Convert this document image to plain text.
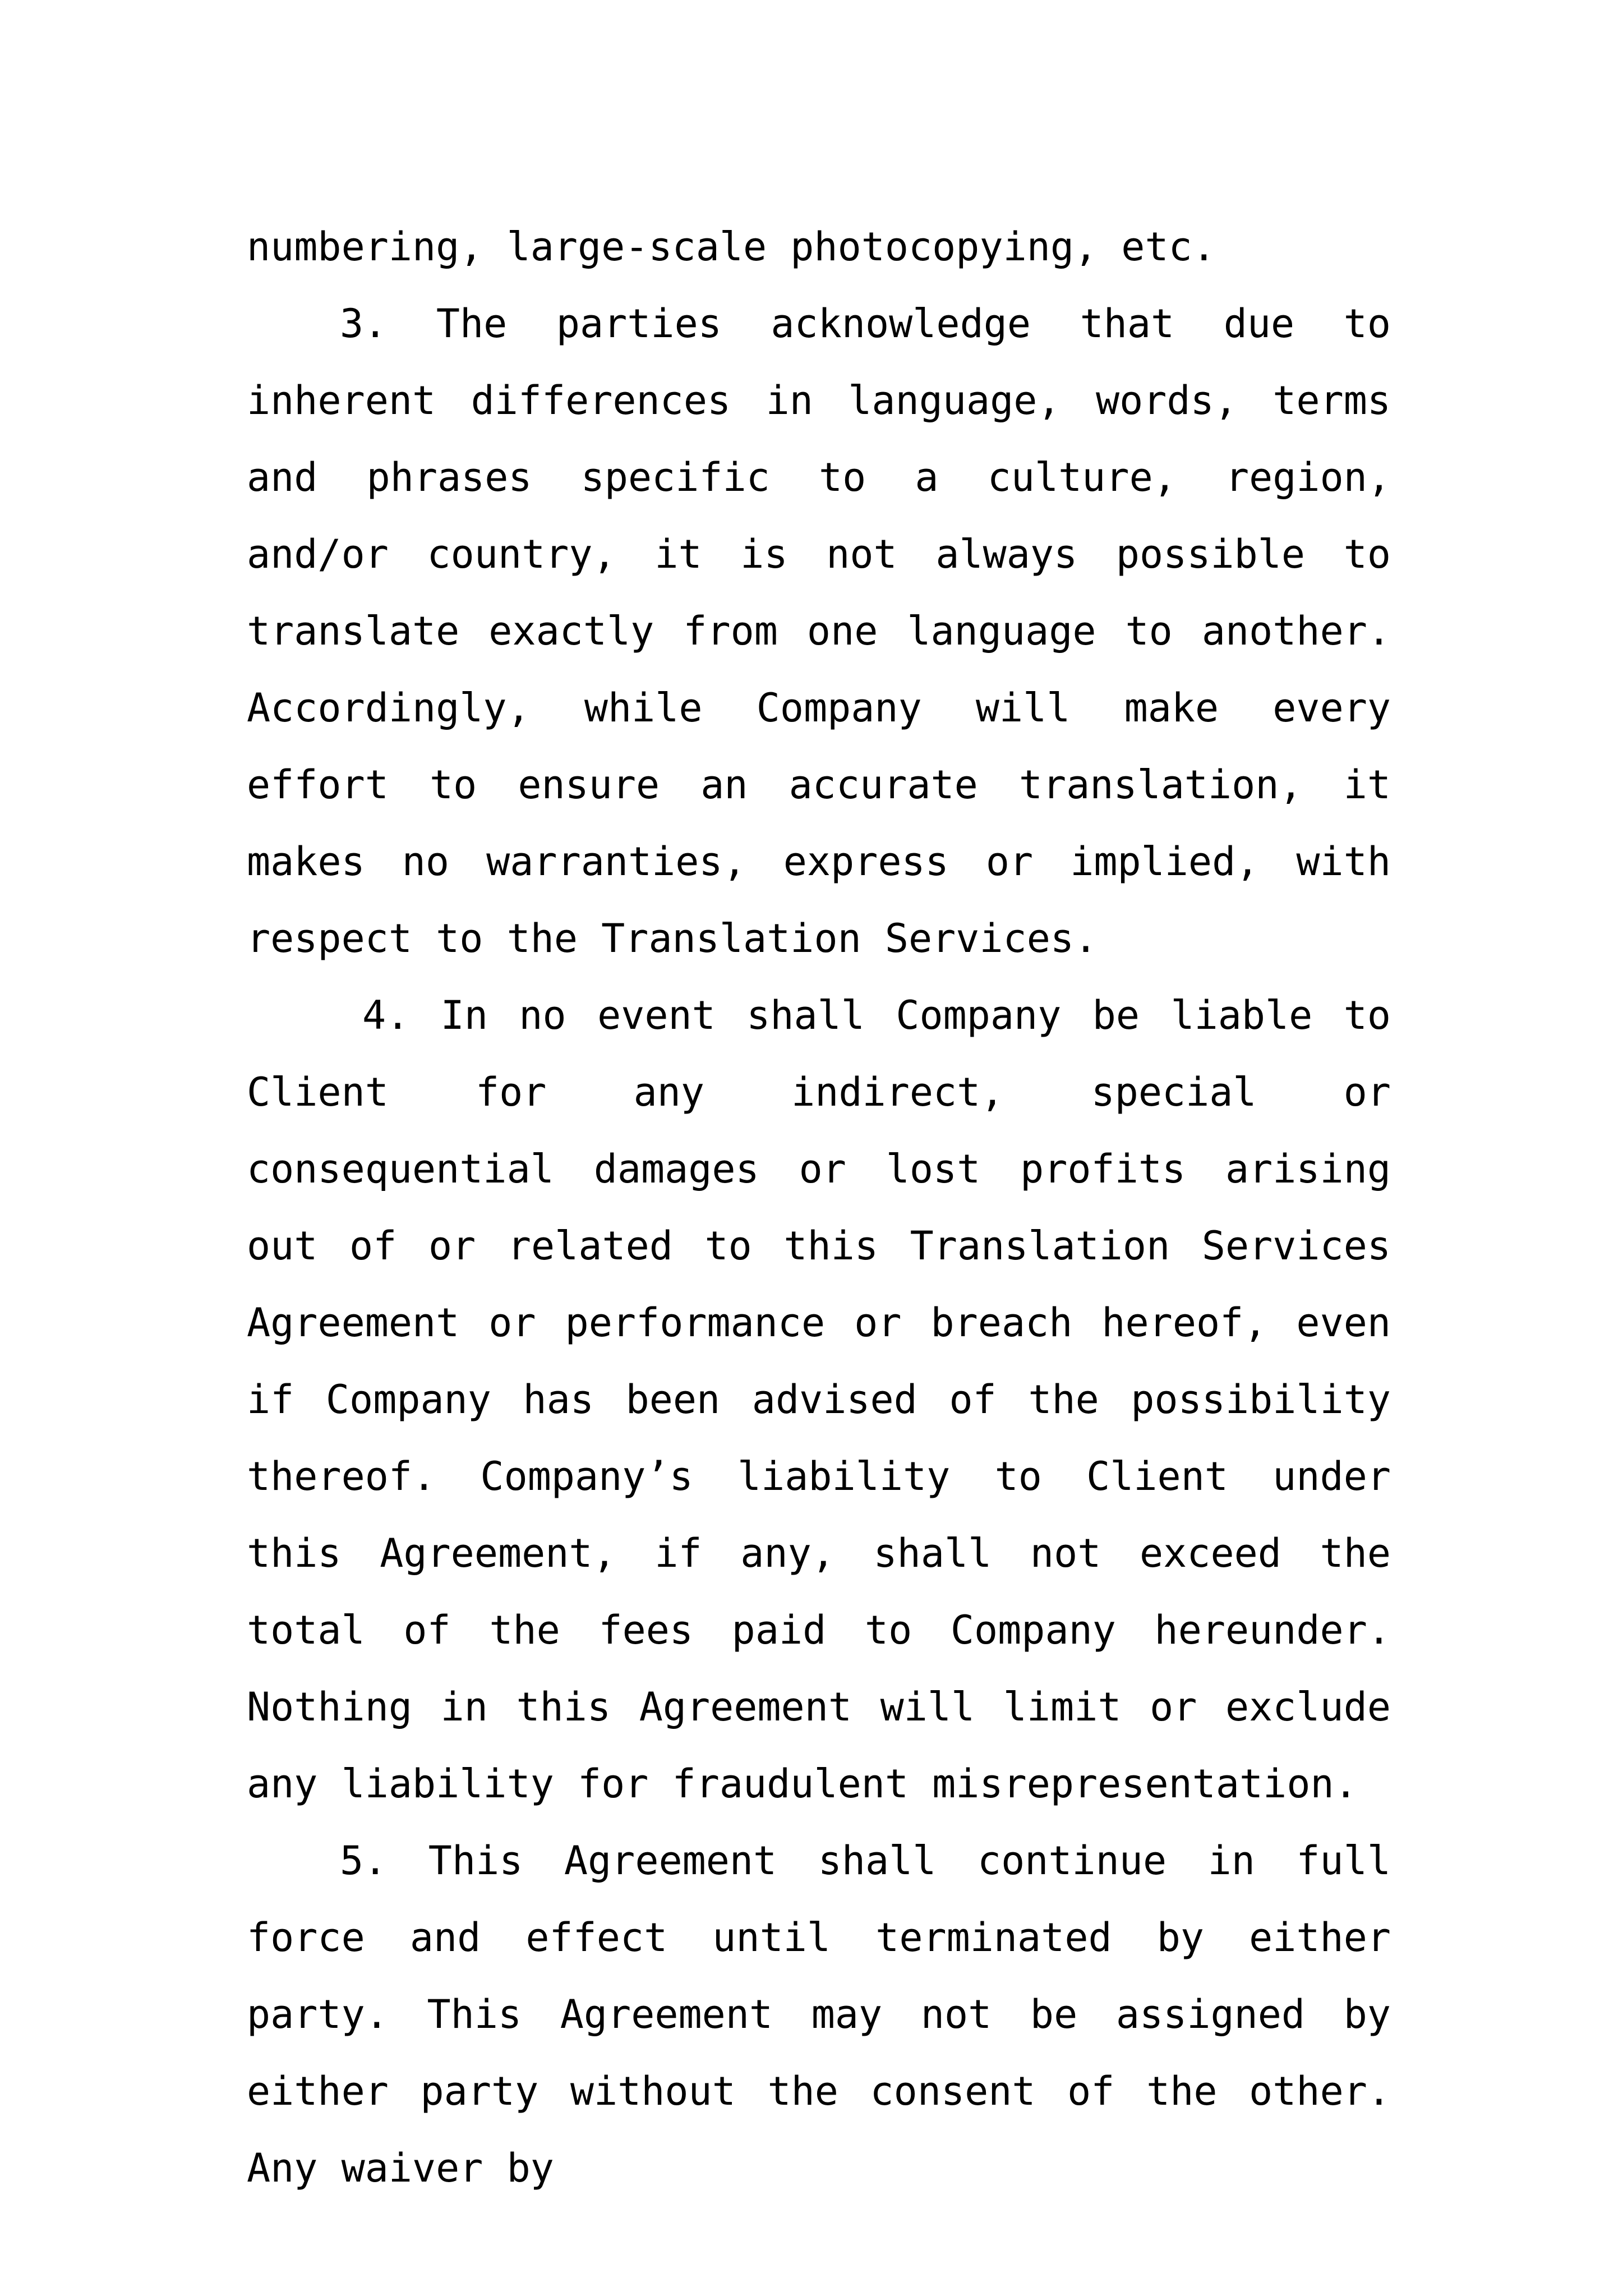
numbering, large-scale photocopying, etc.

3. The parties acknowledge that due to inherent differences in language, words, terms and phrases specific to a culture, region, and/or country, it is not always possible to translate exactly from one language to another. Accordingly, while Company will make every effort to ensure an accurate translation, it makes no warranties, express or implied, with respect to the Translation Services.

4. In no event shall Company be liable to Client for any indirect, special or consequential damages or lost profits arising out of or related to this Translation Services Agreement or performance or breach hereof, even if Company has been advised of the possibility thereof. Company’s liability to Client under this Agreement, if any, shall not exceed the total of the fees paid to Company hereunder. Nothing in this Agreement will limit or exclude any liability for fraudulent misrepresentation.

5. This Agreement shall continue in full force and effect until terminated by either party. This Agreement may not be assigned by either party without the consent of the other. Any waiver by
